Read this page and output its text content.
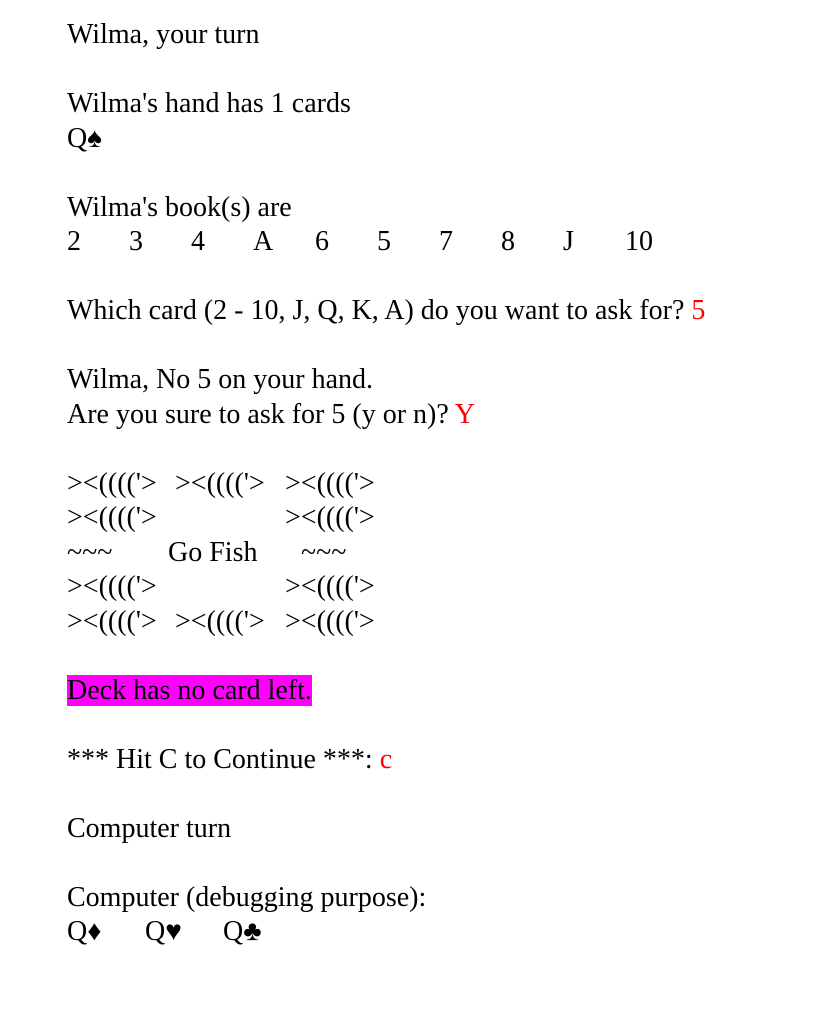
Wilma, your turn
Wilma's hand has 1 cards
Q♠
Wilma's book(s) are
2	3	4	A	6	5	7	8	J	10
Which card (2 - 10, J, Q, K, A) do you want to ask for? 5
Wilma, No 5 on your hand.
Are you sure to ask for 5 (y or n)? Y
><(((('> ><(((('> ><(((('>
><(((('>	><(((('>
~~~	Go Fish	~~~
><(((('>	><(((('>
><(((('> ><(((('> ><(((('>
Deck has no card left.
*** Hit C to Continue ***: c
Computer turn
Computer (debugging purpose):
Q♦	Q♥	Q♣
